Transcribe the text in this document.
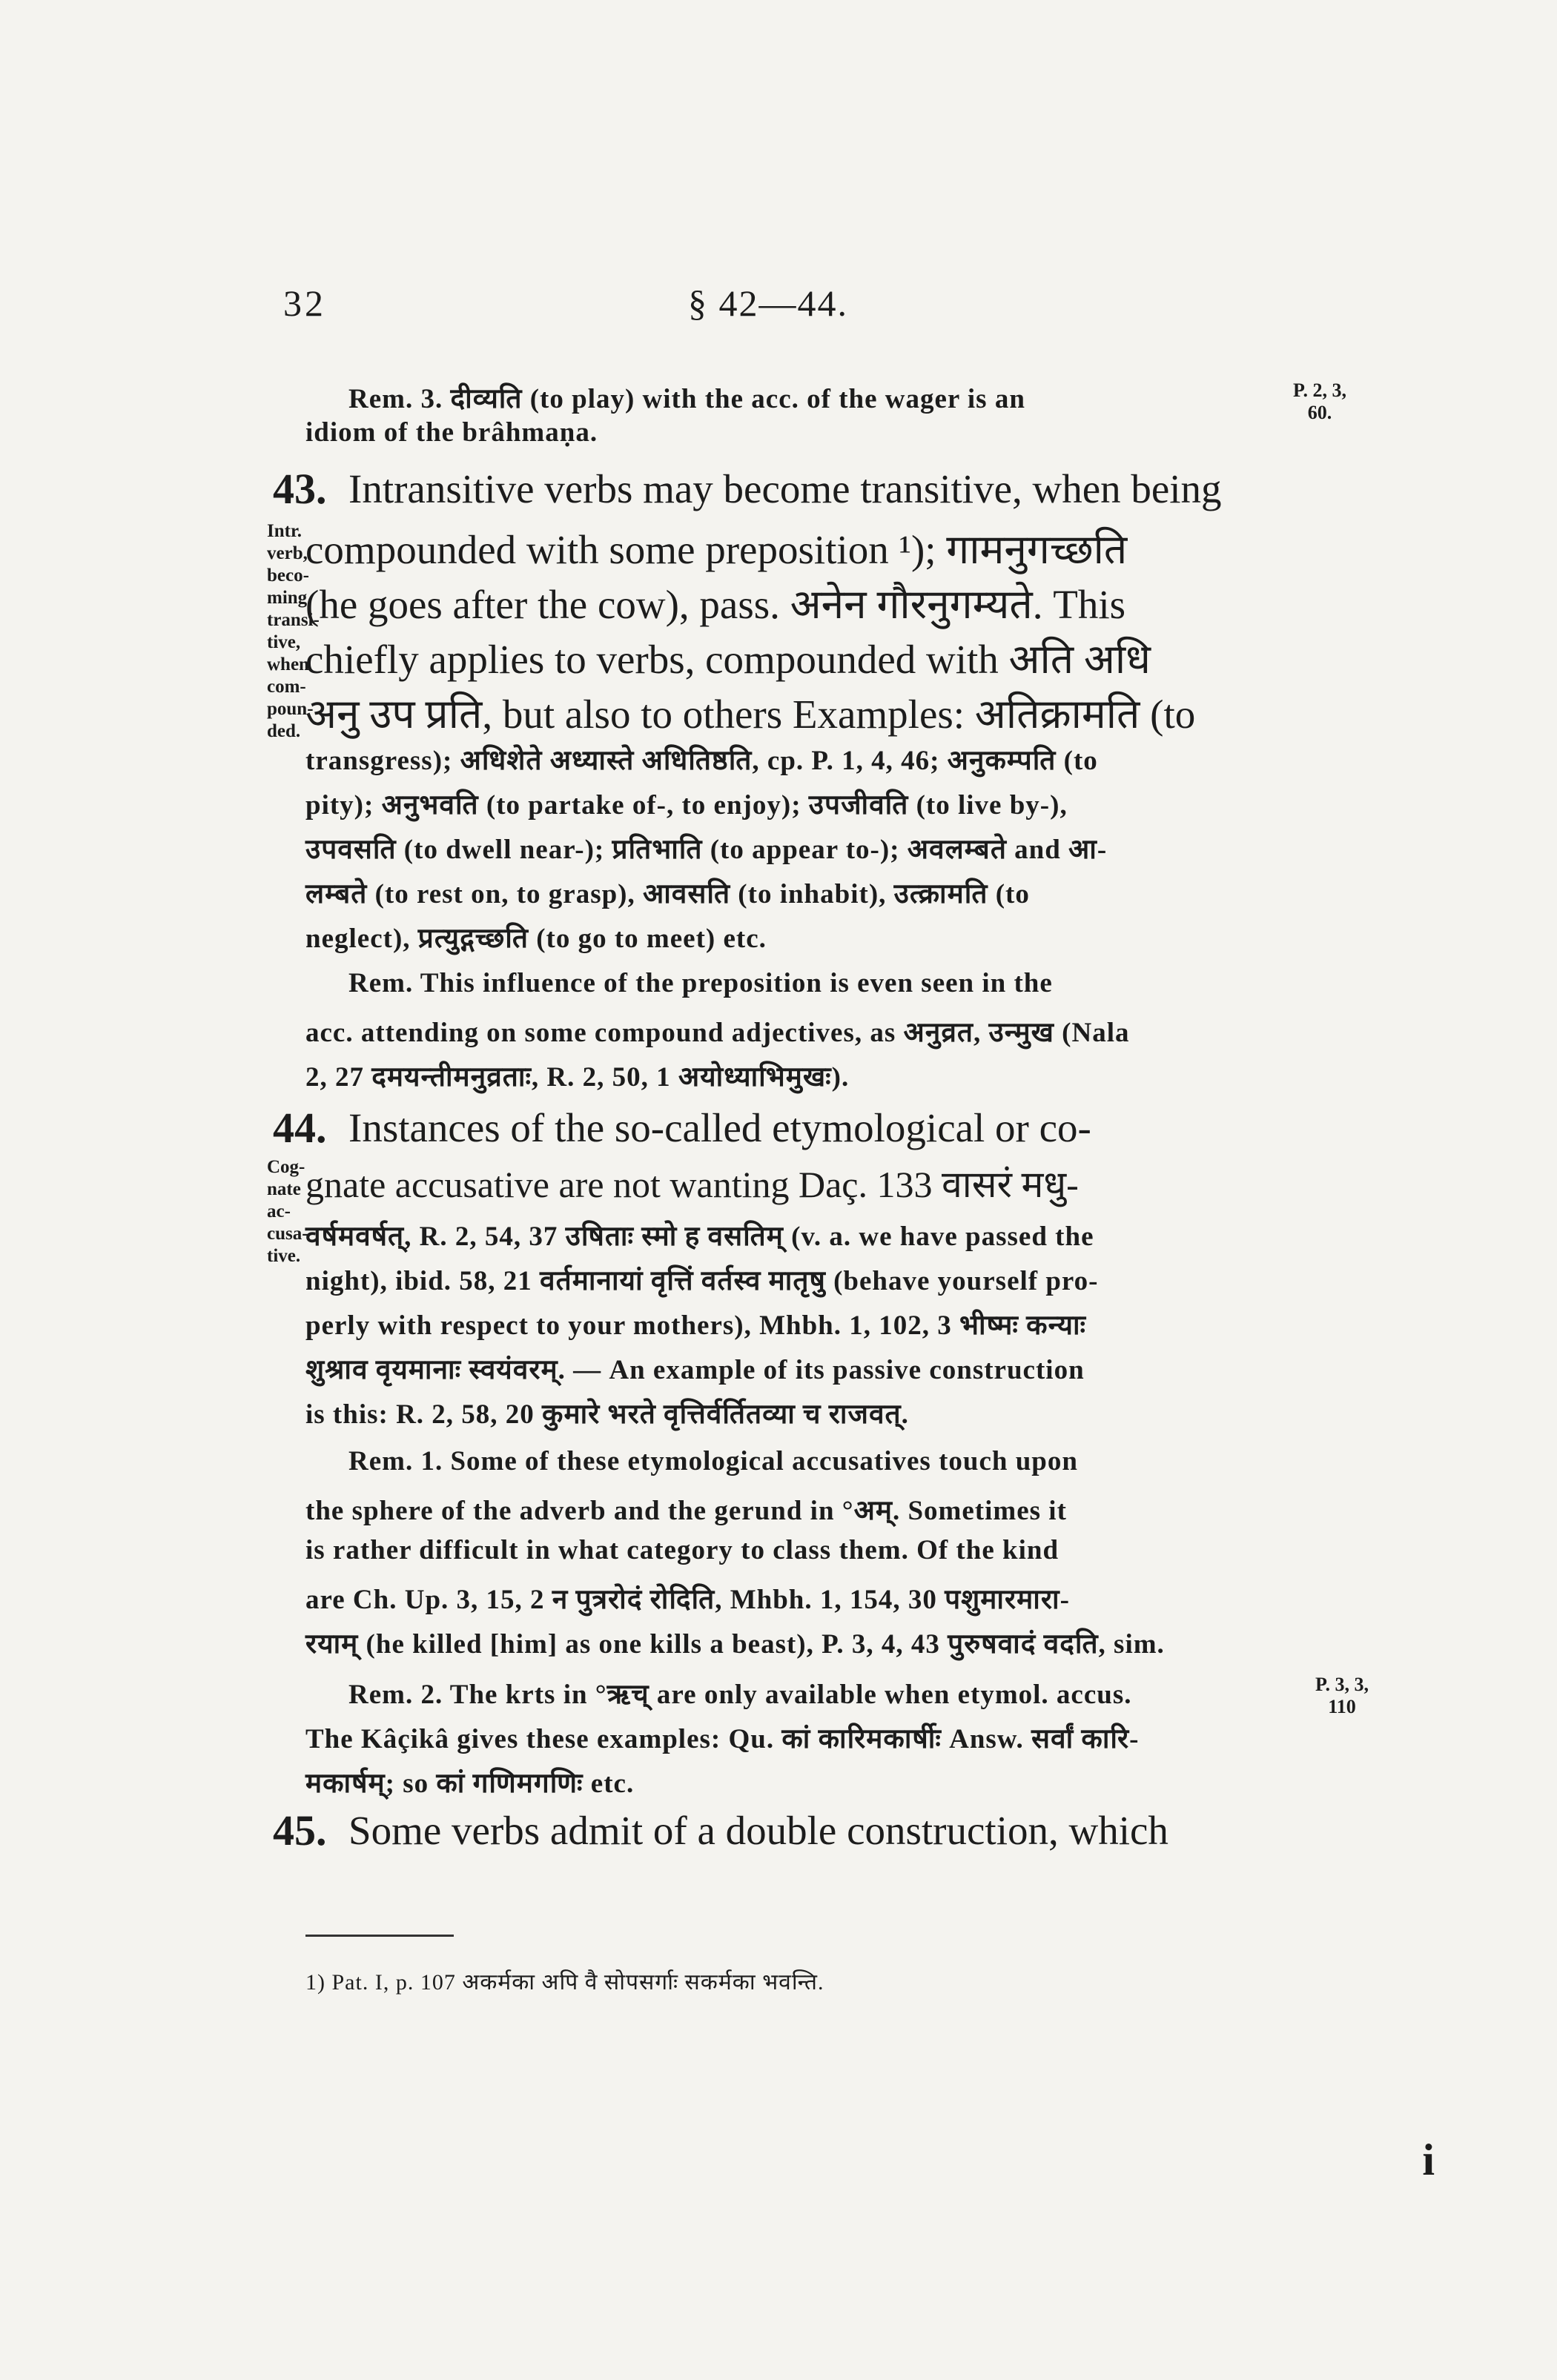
32	§ 42—44.
Rem. 3. दीव्यति (to play) with the acc. of the wager is an	P. 2, 3, 60.
idiom of the brâhmaṇa.
43.
Intr. verb, beco-ming transi-tive, when com-poun-ded.
Intransitive verbs may become transitive, when being
compounded with some preposition ¹); गामनुगच्छति
(he goes after the cow), pass. अनेन गौरनुगम्यते. This
chiefly applies to verbs, compounded with अति अधि
अनु उप प्रति, but also to others Examples: अतिक्रामति (to
transgress); अधिशेते अध्यास्ते अधितिष्ठति, cp. P. 1, 4, 46; अनुकम्पति (to
pity); अनुभवति (to partake of-, to enjoy); उपजीवति (to live by-),
उपवसति (to dwell near-); प्रतिभाति (to appear to-); अवलम्बते and आ-
लम्बते (to rest on, to grasp), आवसति (to inhabit), उत्क्रामति (to
neglect), प्रत्युद्गच्छति (to go to meet) etc.
Rem. This influence of the preposition is even seen in the
acc. attending on some compound adjectives, as अनुव्रत, उन्मुख (Nala
2, 27 दमयन्तीमनुव्रताः, R. 2, 50, 1 अयोध्याभिमुखः).
44.
Cog-nate ac-cusa-tive.
Instances of the so-called etymological or co-
gnate accusative are not wanting Daç. 133 वासरं मधु-
वर्षमवर्षत्, R. 2, 54, 37 उषिताः स्मो ह वसतिम् (v. a. we have passed the
night), ibid. 58, 21 वर्तमानायां वृत्तिं वर्तस्व मातृषु (behave yourself pro-
perly with respect to your mothers), Mhbh. 1, 102, 3 भीष्मः कन्याः
शुश्राव वृयमानाः स्वयंवरम्. — An example of its passive construction
is this: R. 2, 58, 20 कुमारे भरते वृत्तिर्वर्तितव्या च राजवत्.
Rem. 1. Some of these etymological accusatives touch upon
the sphere of the adverb and the gerund in °अम्. Sometimes it
is rather difficult in what category to class them. Of the kind
are Ch. Up. 3, 15, 2 न पुत्ररोदं रोदिति, Mhbh. 1, 154, 30 पशुमारमारा-
रयाम् (he killed [him] as one kills a beast), P. 3, 4, 43 पुरुषवादं वदति, sim.
Rem. 2. The krts in °ऋच् are only available when etymol. accus.	P. 3, 3, 110
The Kâçikâ gives these examples: Qu. कां कारिमकार्षीः Answ. सर्वां कारि-
मकार्षम्; so कां गणिमगणिः etc.
45. Some verbs admit of a double construction, which
1) Pat. I, p. 107 अकर्मका अपि वै सोपसर्गाः सकर्मका भवन्ति.
i
